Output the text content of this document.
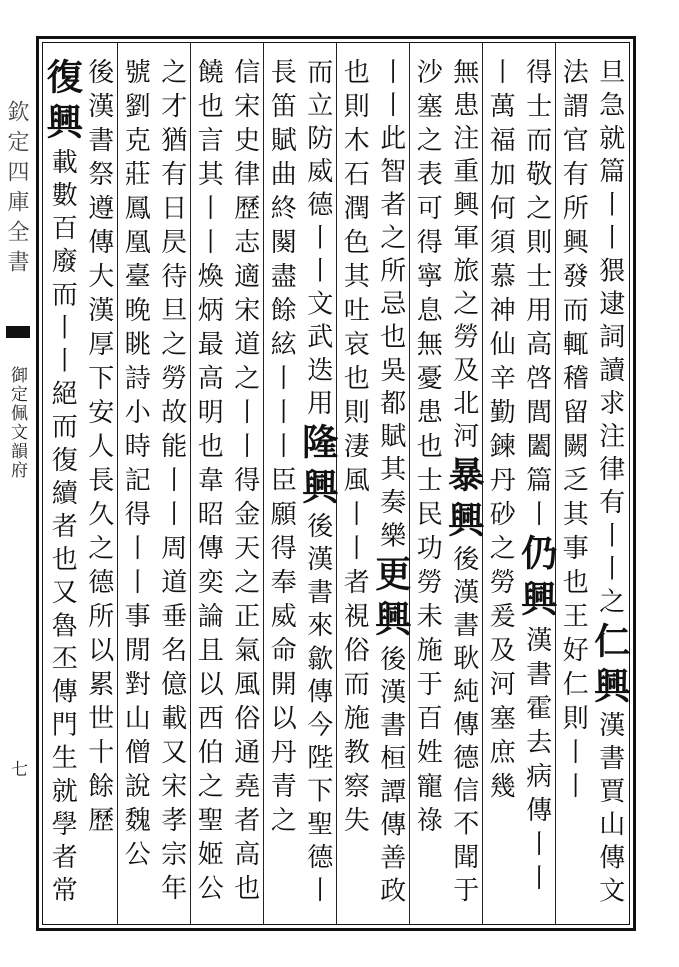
欽定四庫全書
御定佩文韻府
七
旦急就篇丨丨猥逮詞讀求注律有丨丨之
仁興
漢書賈山傳文
法謂官有所興發而輒稽留闕乏其事也
王好仁則丨丨
得士而敬之則士用高啓閭闔篇丨
仍興
漢書霍去病傳丨丨
丨萬福加何須慕神仙辛勤鍊丹砂
之勞爰及河塞庶幾
無患注重興軍旅之勞及北河
暴興
後漢書耿純傳德信不聞于
沙塞之表可得寧息無憂患也
士民功勞未施于百姓寵祿
丨丨此智者之所忌也吳都賦其奏樂
更興
後漢書桓譚傳善政
也則木石潤色其吐哀也則淒風丨丨
者視俗而施教察失
而立防威德丨丨文武迭用
隆興
後漢書來歙傳今陛下聖德丨
長笛賦曲終闋盡餘絃丨丨
丨臣願得奉威命開以丹青之
信宋史律歷志適宋道之丨丨得金天之正氣風俗通堯者高也
饒也言其丨丨煥炳最高明也韋昭傳奕論且以西伯之聖姬公
之才猶有日昃待旦之勞故能丨丨周道垂名億載又宋孝宗年
號劉克莊鳳凰臺晚眺詩小時記得丨丨事閒對山僧說魏公
後漢書祭遵傳大漢厚下安人長久之德所以累世十餘歷
復興
載數百廢而丨丨絕而復續者也又魯丕傳門生就學者常
